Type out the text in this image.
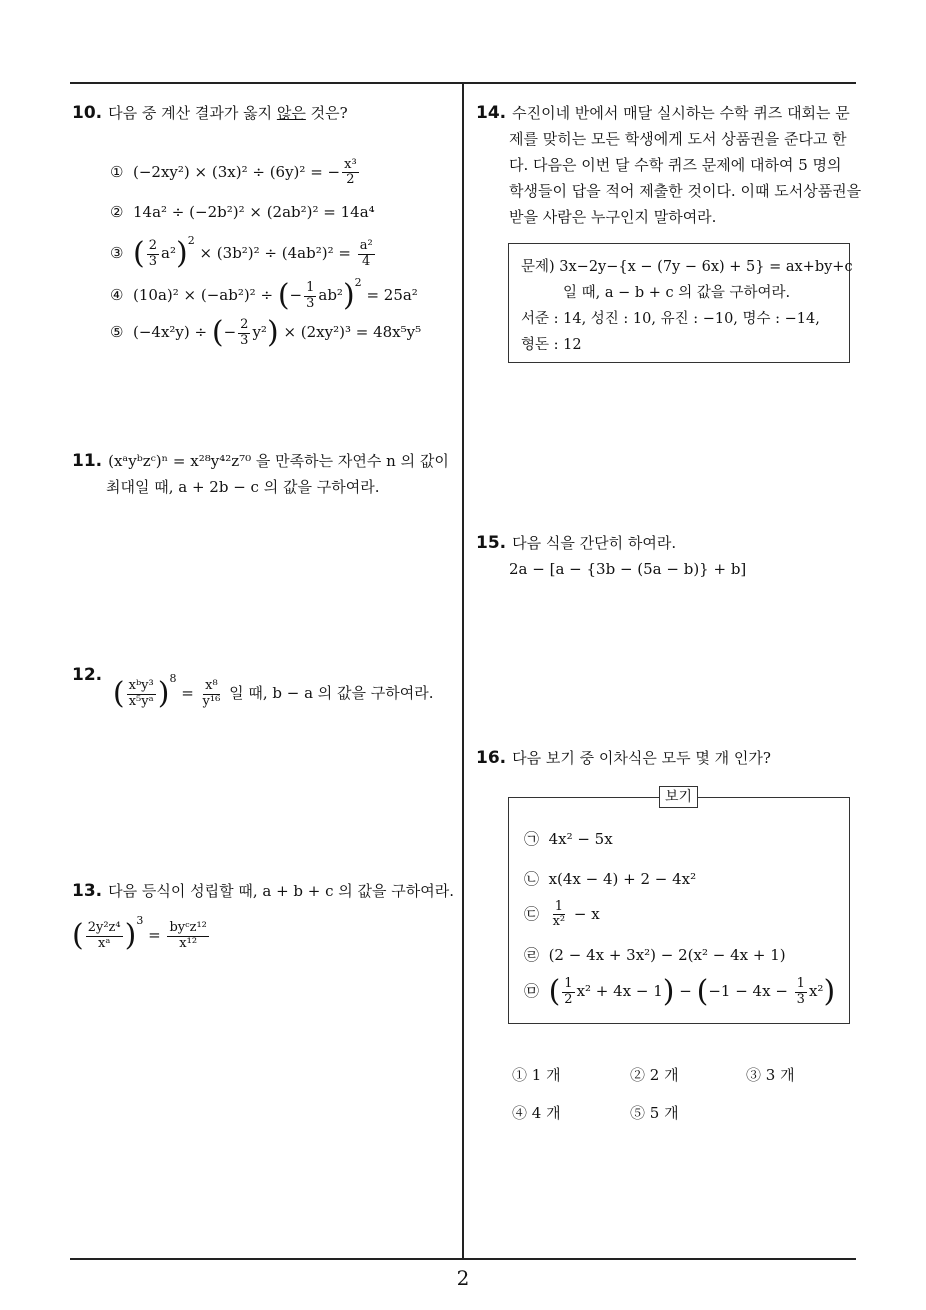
2
10. 다음 중 계산 결과가 옳지 않은 것은?
① (−2xy²) × (3x)² ÷ (6y)² = − $\frac{\text{x³}}{2}$
② 14a² ÷ (−2b²)² × (2ab²)² = 14a⁴
③ ( $\frac{2}{3} a^2)^2 \times (3b^2)^2 \div (4ab^2)^2 = \frac{\text{a²}}{4}$
④ (10a)² × (−ab²)² ÷ (− $\frac{1}{3} ab^2)^2 = 25a^2$
⑤ (−4x²y) ÷ (− $\frac{2}{3} y^2) \times (2xy^2)^3 = 48x^5y^5$
11. (xᵃyᵇzᶜ)ⁿ = x²⁸y⁴²z⁷⁰ 을 만족하는 자연수 n 의 값이
최대일 때, a + 2b − c 의 값을 구하여라.
12. ( $\frac{\text{xᵇy³}}{\text{x⁵yᵃ}} )^8 = \frac{\text{x⁸}}{\text{y¹⁶}}$ 일 때, b − a 의 값을 구하여라.
13. 다음 등식이 성립할 때, a + b + c 의 값을 구하여라.
( $\frac{\text{2y²z⁴}}{\text{xᵃ}} )^3 = \frac{\text{byᶜz¹²}}{\text{x¹²}}$
14. 수진이네 반에서 매달 실시하는 수학 퀴즈 대회는 문
제를 맞히는 모든 학생에게 도서 상품권을 준다고 한
다. 다음은 이번 달 수학 퀴즈 문제에 대하여 5 명의
학생들이 답을 적어 제출한 것이다. 이때 도서상품권을
받을 사람은 누구인지 말하여라.
문제) 3x−2y−{x − (7y − 6x) + 5} = ax+by+c
일 때, a − b + c 의 값을 구하여라.
서준 : 14, 성진 : 10, 유진 : −10, 명수 : −14,
형돈 : 12
15. 다음 식을 간단히 하여라.
2a − [a − {3b − (5a − b)} + b]
16. 다음 보기 중 이차식은 모두 몇 개 인가?
보기
㉠ 4x² − 5x
㉡ x(4x − 4) + 2 − 4x²
㉢ $\frac{1}{\text{x²}} - x$
㉣ (2 − 4x + 3x²) − 2(x² − 4x + 1)
㉤ ( $\frac{1}{2} x^2 + 4x - 1) - (-1 - 4x - \frac{1}{3} x^2)$
① 1 개	② 2 개	③ 3 개
④ 4 개	⑤ 5 개
